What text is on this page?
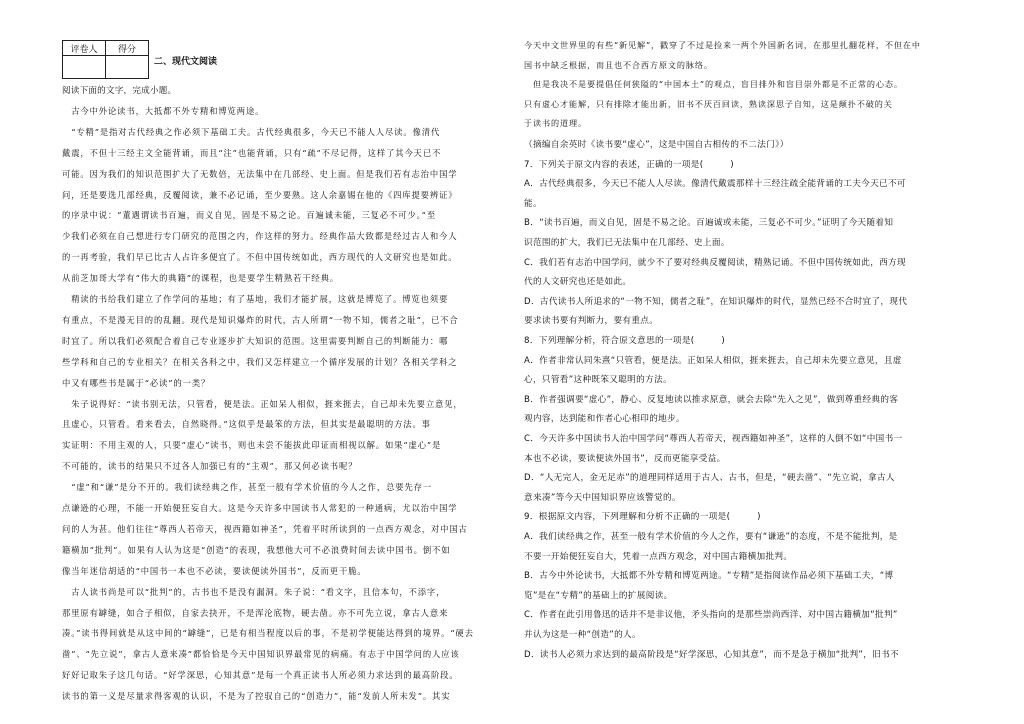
评卷人	得分

二、现代文阅读
阅读下面的文字，完成小题。
　古今中外论读书，大抵都不外专精和博览两途。
　“专精”是指对古代经典之作必须下基础工夫。古代经典很多，今天已不能人人尽读。像清代
戴震，不但十三经主文全能背诵，而且“注”也能背诵，只有“疏”不尽记得，这样了其今天已不
可能。因为我们的知识范围扩大了无数倍，无法集中在几部经、史上面。但是我们若有志治中国学
问，还是要选几部经典，反覆阅读，兼不必记诵，至少要熟。这人余嘉锡在他的《四库提要辨证》
的序录中说：“董遇谓读书百遍，而义自见，固是不易之论。百遍诚未能，三复必不可少。”至
少我们必须在自己想进行专门研究的范围之内，作这样的努力。经典作品大致都是经过古人和今人
的一再考验，我们早已比古人占许多便宜了。不但中国传统如此，西方现代的人文研究也是如此。
从前芝加哥大学有“伟大的典籍”的课程，也是要学生精熟若干经典。
　精读的书给我们建立了作学问的基地；有了基地，我们才能扩展，这就是博览了。博览也须要
有重点，不是漫无目的的乱翻。现代是知识爆炸的时代，古人所谓“一物不知，儒者之耻”，已不合
时宜了。所以我们必须配合着自己专业逐步扩大知识的范围。这里需要判断自己的判断能力：哪
些学科和自己的专业相关？在相关各科之中，我们又怎样建立一个循序发展的计划？各相关学科之
中又有哪些书是属于“必读”的一类？
　朱子说得好：“读书别无法，只管看，便是法。正如呆人相似，捱来捱去，自己却未先要立意见，
且虚心，只管看。看来看去，自然晓得。”这似乎是最笨的方法，但其实是最聪明的方法。事
实证明：不用主观的人，只要“虚心”读书，则也未尝不能拔此印证而相视以解。如果“虚心”是
不可能的，读书的结果只不过各人加强已有的“主观”，那又何必读书呢？
　“虚”和“谦”是分不开的。我们读经典之作，甚至一般有学术价值的今人之作，总要先存一
点谦逊的心理，不能一开始便狂妄自大。这是今天许多中国读书人常犯的一种通病，尤以治中国学
问的人为甚。他们往往“尊西人若帝天，视西籍如神圣”，凭着平时所读到的一点西方观念，对中国古
籍横加“批判”。如果有人认为这是“创造”的表现，我想他大可不必浪费时间去读中国书。倒不如
像当年迷信胡适的“中国书一本也不必读，要读便读外国书”，反而更干脆。
　古人读书尚是可以“批判”的，古书也不是没有漏洞。朱子说：“看文字，且信本句，不添字，
那里原有罅缝，如合子相似，自家去抉开，不是浑沦底物，硬去凿。亦不可先立说，拿古人意来
凑。”读书得间就是从这中间的“罅缝”，已是有相当程度以后的事，不是初学便能达得到的境界。“硬去
凿”、“先立说”，拿古人意来凑”都恰恰是今天中国知识界最常见的病痛。有志于中国学问的人应该
好好记取朱子这几句话。“好学深思，心知其意”是每一个真正读书人所必须力求达到的最高阶段。
读书的第一义是尽量求得客观的认识，不是为了控驭自己的“创造力”，能“发前人所未发”。其实
今天中文世界里的有些“新见解”，戳穿了不过是捡来一两个外国新名词，在那里扎翻花样，不但在中
国书中缺乏根据，而且也不合西方原文的脉络。
　但是我决不是要提倡任何狭隘的“中国本土”的观点，盲目排外和盲目崇外都是不正常的心态。
只有虚心才能解，只有排除才能出新，旧书不厌百回读，熟读深思子自知，这是颠扑不破的关
于读书的道理。
（摘编自余英时《读书要“虚心”，这是中国自古相传的不二法门》）
7．下列关于原文内容的表述，正确的一项是(　　　)
A．古代经典很多，今天已不能人人尽读。像清代戴震那样十三经注疏全能背诵的工夫今天已不可
能。
B．“读书百遍，而义自见，固是不易之论。百遍诚或未能，三复必不可少。”证明了今天随着知
识范围的扩大，我们已无法集中在几部经、史上面。
C．我们若有志治中国学问，就少不了要对经典反覆阅读，精熟记诵。不但中国传统如此，西方现
代的人文研究也还是如此。
D．古代读书人所追求的“一物不知，儒者之耻”，在知识爆炸的时代，显然已经不合时宜了，现代
要求读书要有判断力，要有重点。
8．下列理解分析，符合原文意思的一项是(　　　)
A．作者非常认同朱熹“只管看，便是法。正如呆人相似，捱来捱去，自己却未先要立意见，且虚
心，只管看”这种既笨又聪明的方法。
B．作者强调要“虚心”，静心、反复地读以推求原意，就会去除“先入之见”，做到尊重经典的客
观内容，达到能和作者心心相印的地步。
C．今天许多中国读书人治中国学问“尊西人若帝天，视西籍如神圣”，这样的人倒不如“中国书一
本也不必读，要读便读外国书”，反而更能享受益。
D．“人无完人，金无足赤”的道理同样适用于古人、古书，但是，“硬去凿”、“先立说，拿古人
意来凑”等今天中国知识界应该警觉的。
9．根据原文内容，下列理解和分析不正确的一项是(　　　)
A．我们读经典之作，甚至一般有学术价值的今人之作，要有“谦逊”的态度，不是不能批判，是
不要一开始便狂妄自大，凭着一点西方观念，对中国古籍横加批判。
B．古今中外论读书，大抵都不外专精和博览两途。“专精”是指阅读作品必须下基础工夫，“博
览”是在“专精”的基础上的扩展阅读。
C．作者在此引用鲁迅的话并不是非议他，矛头指向的是那些崇尚西洋、对中国古籍横加“批判”
并认为这是一种“创造”的人。
D．读书人必须力求达到的最高阶段是“好学深思，心知其意”，而不是急于横加“批判”，旧书不
